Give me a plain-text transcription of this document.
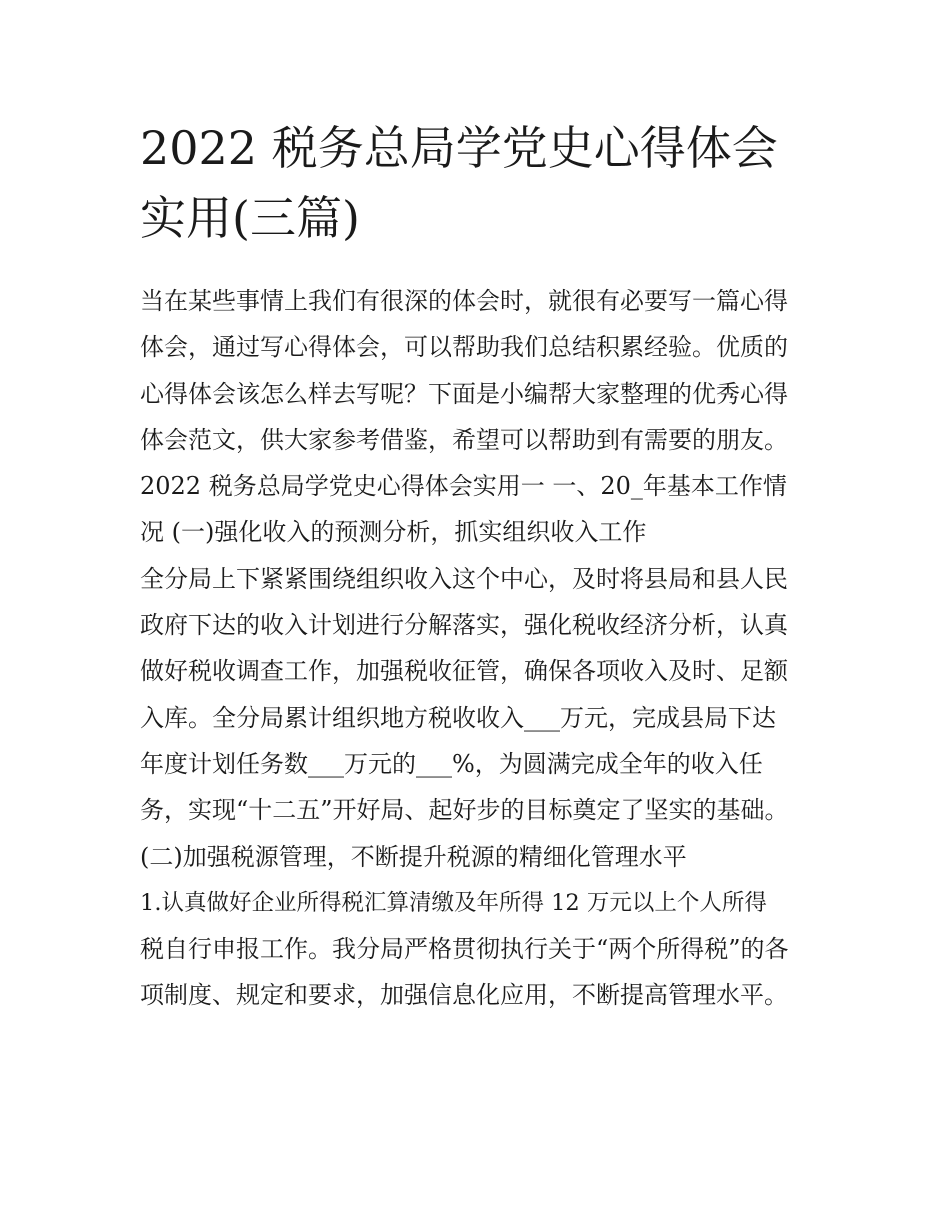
2022 税务总局学党史心得体会
实用(三篇)
当在某些事情上我们有很深的体会时，就很有必要写一篇心得
体会，通过写心得体会，可以帮助我们总结积累经验。优质的
心得体会该怎么样去写呢？下面是小编帮大家整理的优秀心得
体会范文，供大家参考借鉴，希望可以帮助到有需要的朋友。
2022 税务总局学党史心得体会实用一 一、20_年基本工作情
况 (一)强化收入的预测分析，抓实组织收入工作
全分局上下紧紧围绕组织收入这个中心，及时将县局和县人民
政府下达的收入计划进行分解落实，强化税收经济分析，认真
做好税收调查工作，加强税收征管，确保各项收入及时、足额
入库。全分局累计组织地方税收收入___万元，完成县局下达
年度计划任务数___万元的___%，为圆满完成全年的收入任
务，实现“十二五”开好局、起好步的目标奠定了坚实的基础。
(二)加强税源管理，不断提升税源的精细化管理水平
1.认真做好企业所得税汇算清缴及年所得 12 万元以上个人所得
税自行申报工作。我分局严格贯彻执行关于“两个所得税”的各
项制度、规定和要求，加强信息化应用，不断提高管理水平。
